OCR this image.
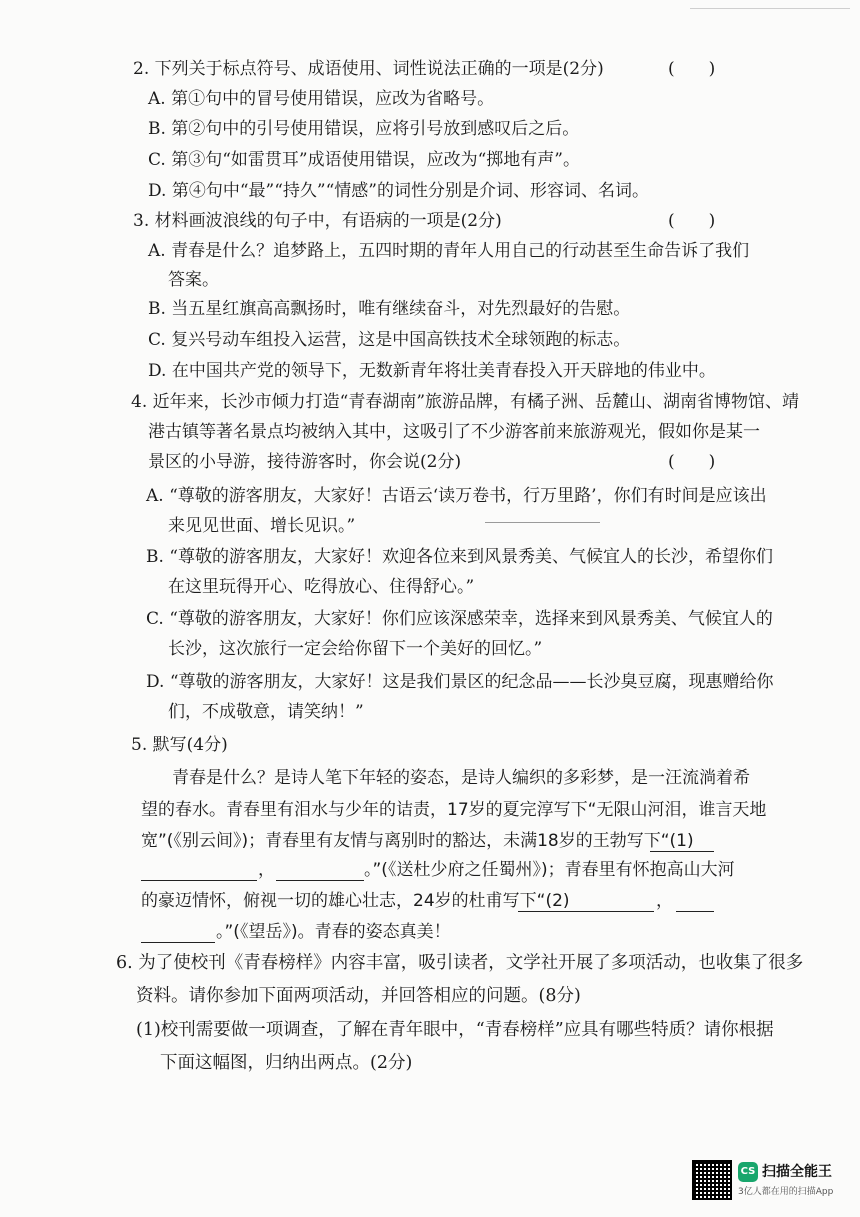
2. 下列关于标点符号、成语使用、词性说法正确的一项是(2分)	(　　)
A. 第①句中的冒号使用错误，应改为省略号。
B. 第②句中的引号使用错误，应将引号放到感叹后之后。
C. 第③句“如雷贯耳”成语使用错误，应改为“掷地有声”。
D. 第④句中“最”“持久”“情感”的词性分别是介词、形容词、名词。
3. 材料画波浪线的句子中，有语病的一项是(2分)	(　　)
A. 青春是什么？追梦路上，五四时期的青年人用自己的行动甚至生命告诉了我们
答案。
B. 当五星红旗高高飘扬时，唯有继续奋斗，对先烈最好的告慰。
C. 复兴号动车组投入运营，这是中国高铁技术全球领跑的标志。
D. 在中国共产党的领导下，无数新青年将壮美青春投入开天辟地的伟业中。
4. 近年来，长沙市倾力打造“青春湖南”旅游品牌，有橘子洲、岳麓山、湖南省博物馆、靖
港古镇等著名景点均被纳入其中，这吸引了不少游客前来旅游观光，假如你是某一
景区的小导游，接待游客时，你会说(2分)	(　　)
A. “尊敬的游客朋友，大家好！古语云‘读万卷书，行万里路’，你们有时间是应该出
来见见世面、增长见识。”
B. “尊敬的游客朋友，大家好！欢迎各位来到风景秀美、气候宜人的长沙，希望你们
在这里玩得开心、吃得放心、住得舒心。”
C. “尊敬的游客朋友，大家好！你们应该深感荣幸，选择来到风景秀美、气候宜人的
长沙，这次旅行一定会给你留下一个美好的回忆。”
D. “尊敬的游客朋友，大家好！这是我们景区的纪念品——长沙臭豆腐，现惠赠给你
们，不成敬意，请笑纳！”
5. 默写(4分)
青春是什么？是诗人笔下年轻的姿态，是诗人编织的多彩梦，是一汪流淌着希
望的春水。青春里有泪水与少年的诘责，17岁的夏完淳写下“无限山河泪，谁言天地
宽”(《别云间》)；青春里有友情与离别时的豁达，未满18岁的王勃写下“(1)
，	。”(《送杜少府之任蜀州》)；青春里有怀抱高山大河
的豪迈情怀，俯视一切的雄心壮志，24岁的杜甫写下“(2)	，
。”(《望岳》)。青春的姿态真美！
6. 为了使校刊《青春榜样》内容丰富，吸引读者，文学社开展了多项活动，也收集了很多
资料。请你参加下面两项活动，并回答相应的问题。(8分)
(1)校刊需要做一项调查，了解在青年眼中，“青春榜样”应具有哪些特质？请你根据
下面这幅图，归纳出两点。(2分)
CS 扫描全能王
3亿人都在用的扫描App
